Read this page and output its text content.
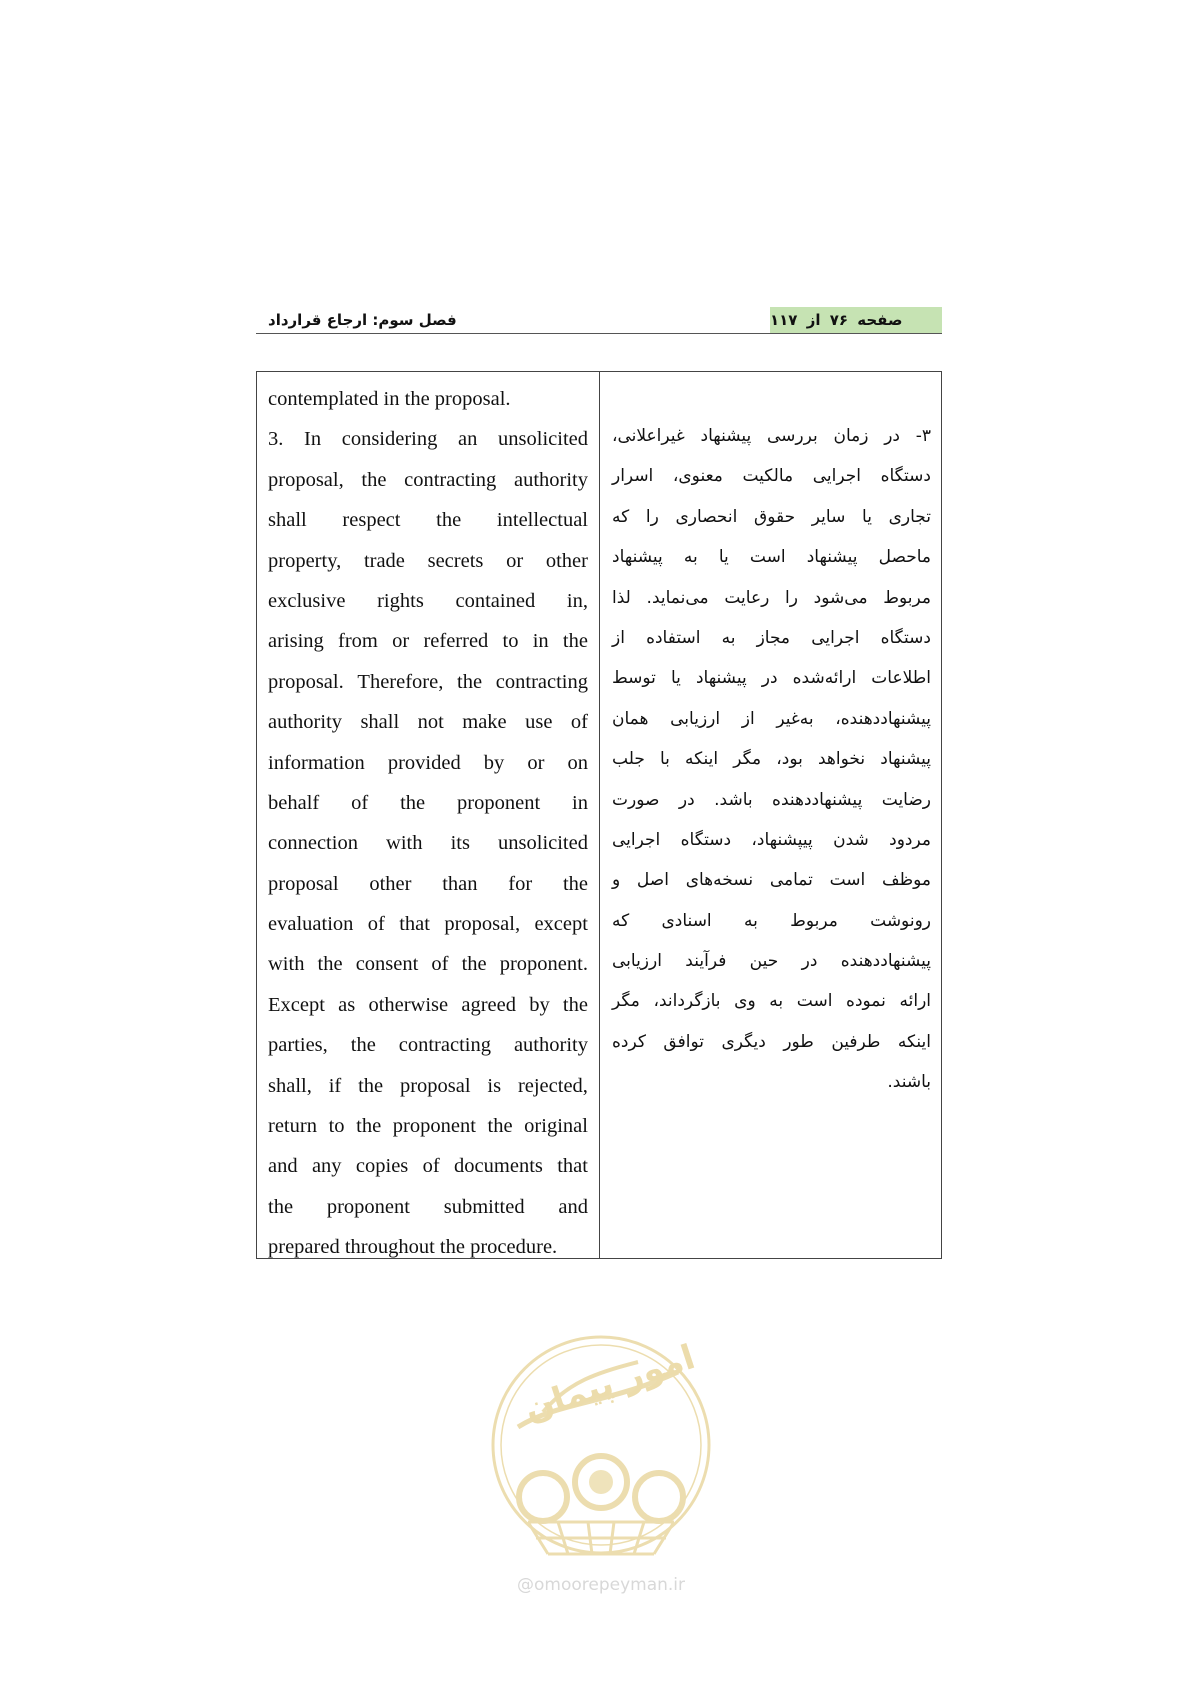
فصل سوم: ارجاع قرارداد	صفحه ۷۶ از ۱۱۷
contemplated in the proposal.
3. In considering an unsolicited
proposal, the contracting authority
shall respect the intellectual
property, trade secrets or other
exclusive rights contained in,
arising from or referred to in the
proposal. Therefore, the contracting
authority shall not make use of
information provided by or on
behalf of the proponent in
connection with its unsolicited
proposal other than for the
evaluation of that proposal, except
with the consent of the proponent.
Except as otherwise agreed by the
parties, the contracting authority
shall, if the proposal is rejected,
return to the proponent the original
and any copies of documents that
the proponent submitted and
prepared throughout the procedure.
۳- در زمان بررسی پیشنهاد غیراعلانی،
دستگاه اجرایی مالکیت معنوی، اسرار
تجاری یا سایر حقوق انحصاری را که
ماحصل پیشنهاد است یا به پیشنهاد
مربوط می‌شود را رعایت می‌نماید. لذا
دستگاه اجرایی مجاز به استفاده از
اطلاعات ارائه‌شده در پیشنهاد یا توسط
پیشنهاددهنده، به‌غیر از ارزیابی همان
پیشنهاد نخواهد بود، مگر اینکه با جلب
رضایت پیشنهاددهنده باشد. در صورت
مردود شدن پیپشنهاد، دستگاه اجرایی
موظف است تمامی نسخه‌های اصل و
رونوشت مربوط به اسنادی که
پیشنهاددهنده در حین فرآیند ارزیابی
ارائه نموده است به وی بازگرداند، مگر
اینکه طرفین طور دیگری توافق کرده
باشند.
امور پیمان
@omoorepeyman.ir
